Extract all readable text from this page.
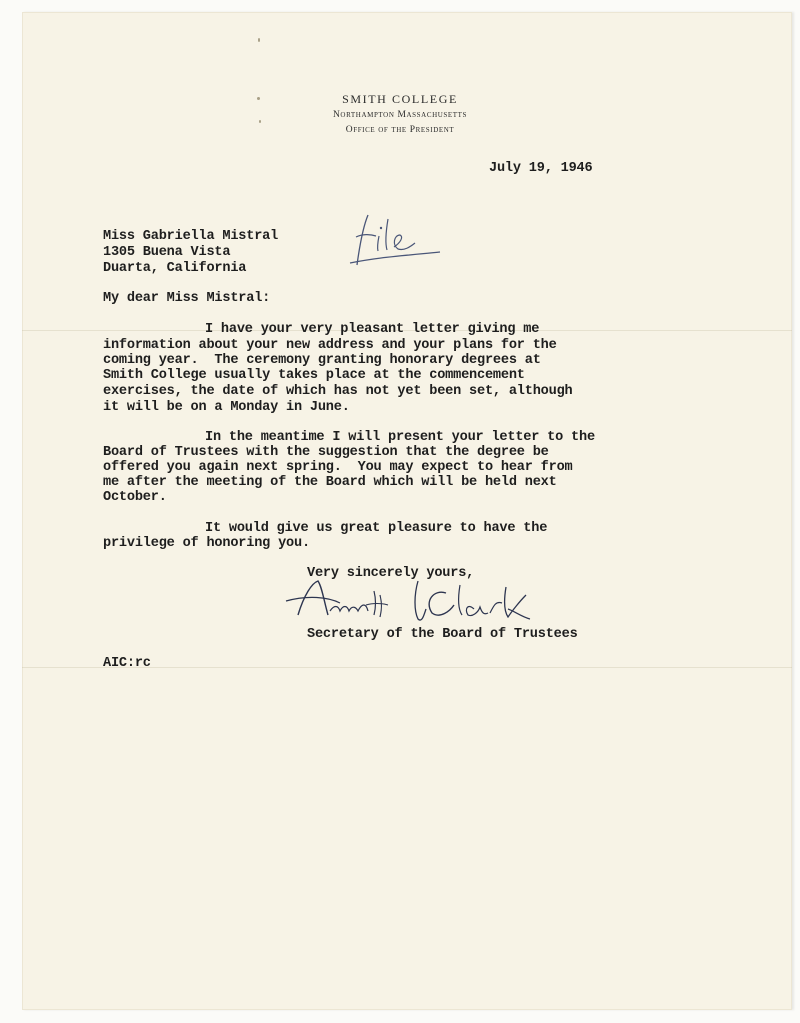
SMITH COLLEGE
Northampton Massachusetts
Office of the President
July 19, 1946
Miss Gabriella Mistral
1305 Buena Vista
Duarta, California
My dear Miss Mistral:
I have your very pleasant letter giving me
information about your new address and your plans for the
coming year.  The ceremony granting honorary degrees at
Smith College usually takes place at the commencement
exercises, the date of which has not yet been set, although
it will be on a Monday in June.
In the meantime I will present your letter to the
Board of Trustees with the suggestion that the degree be
offered you again next spring.  You may expect to hear from
me after the meeting of the Board which will be held next
October.
It would give us great pleasure to have the
privilege of honoring you.
Very sincerely yours,
Secretary of the Board of Trustees
AIC:rc
